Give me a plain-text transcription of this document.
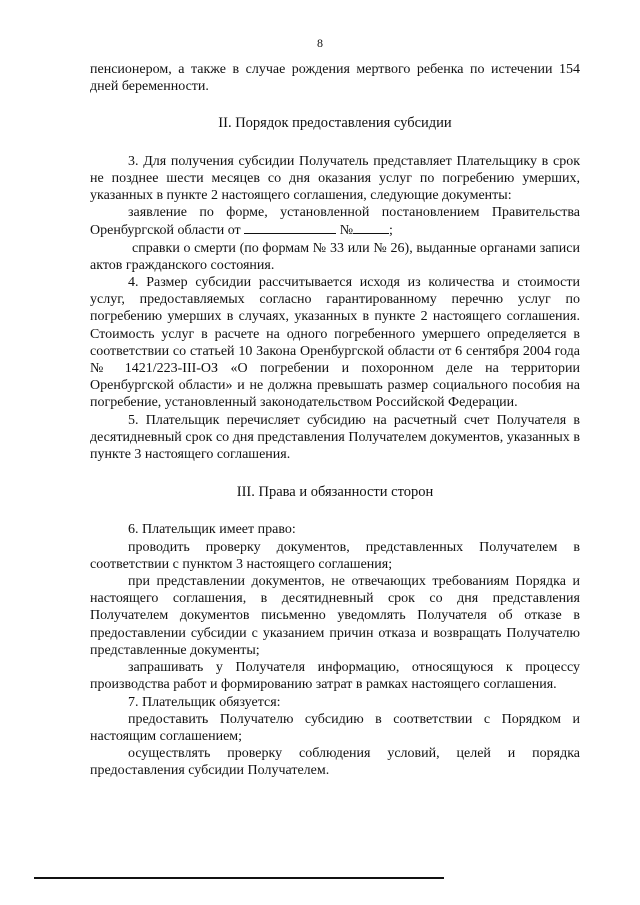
8

пенсионером, а также в случае рождения мертвого ребенка по истечении 154 дней беременности.

II. Порядок предоставления субсидии

3. Для получения субсидии Получатель представляет Плательщику в срок не позднее шести месяцев со дня оказания услуг по погребению умерших, указанных в пункте 2 настоящего соглашения, следующие документы:

заявление по форме, установленной постановлением Правительства Оренбургской области от	№	;

справки о смерти (по формам № 33 или № 26), выданные органами записи актов гражданского состояния.

4. Размер субсидии рассчитывается исходя из количества и стоимости услуг, предоставляемых согласно гарантированному перечню услуг по погребению умерших в случаях, указанных в пункте 2 настоящего соглашения. Стоимость услуг в расчете на одного погребенного умершего определяется в соответствии со статьей 10 Закона Оренбургской области от 6 сентября 2004 года № 1421/223-III-ОЗ «О погребении и похоронном деле на территории Оренбургской области» и не должна превышать размер социального пособия на погребение, установленный законодательством Российской Федерации.

5. Плательщик перечисляет субсидию на расчетный счет Получателя в десятидневный срок со дня представления Получателем документов, указанных в пункте 3 настоящего соглашения.

III. Права и обязанности сторон

6. Плательщик имеет право:

проводить проверку документов, представленных Получателем в соответствии с пунктом 3 настоящего соглашения;

при представлении документов, не отвечающих требованиям Порядка и настоящего соглашения, в десятидневный срок со дня представления Получателем документов письменно уведомлять Получателя об отказе в предоставлении субсидии с указанием причин отказа и возвращать Получателю представленные документы;

запрашивать у Получателя информацию, относящуюся к процессу производства работ и формированию затрат в рамках настоящего соглашения.

7. Плательщик обязуется:

предоставить Получателю субсидию в соответствии с Порядком и настоящим соглашением;

осуществлять проверку соблюдения условий, целей и порядка предоставления субсидии Получателем.
